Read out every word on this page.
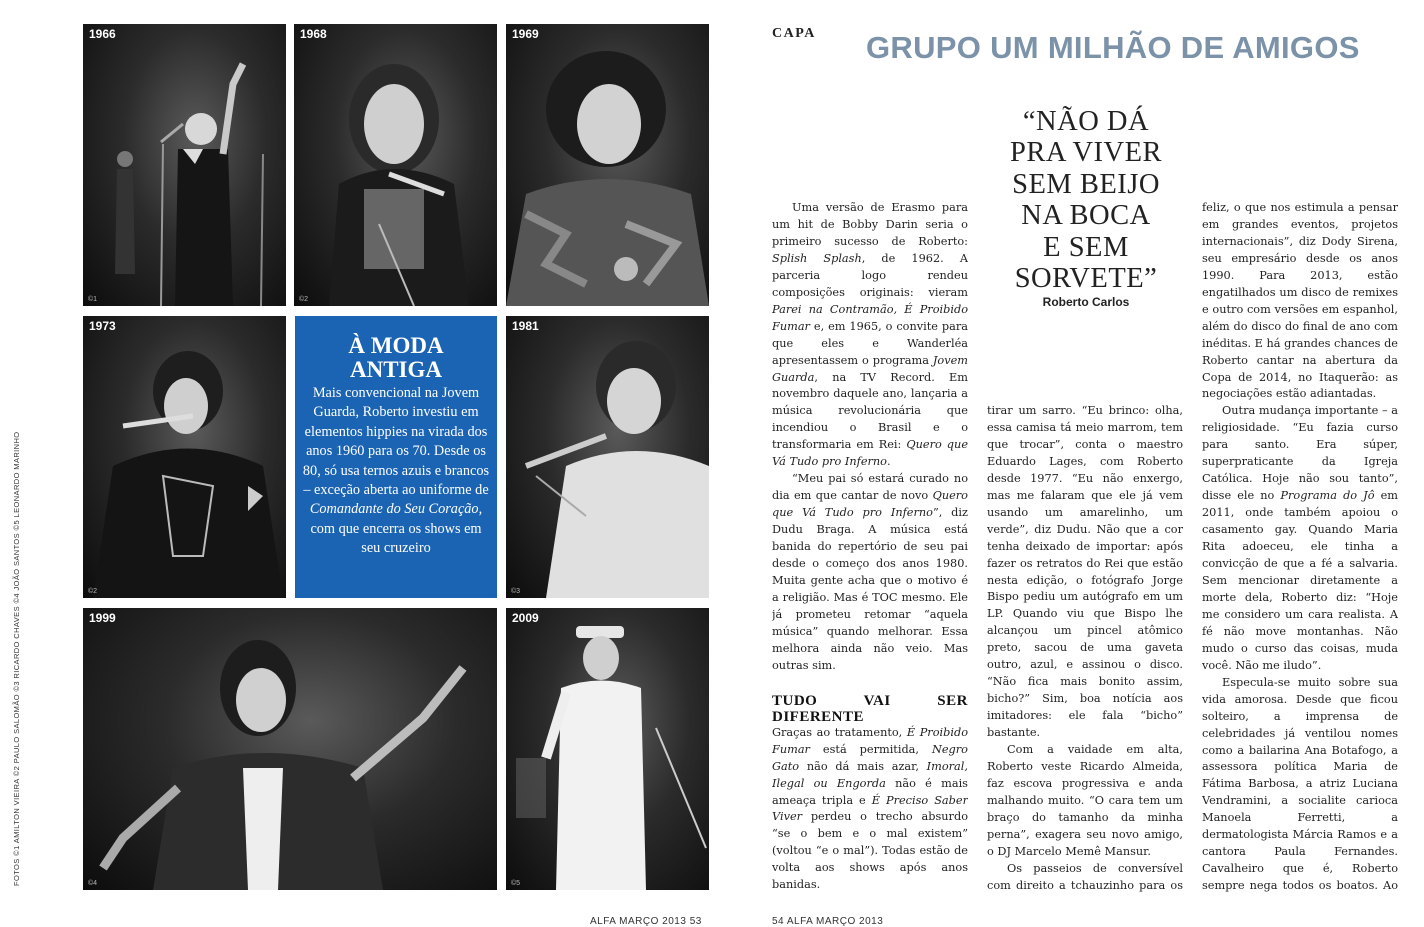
FOTOS ©1 AMILTON VIEIRA ©2 PAULO SALOMÃO ©3 RICARDO CHAVES ©4 JOÃO SANTOS ©5 LEONARDO MARINHO
1966
©1
1968
©2
1969
1973
©2
À MODA
ANTIGA

Mais convencional na Jovem Guarda, Roberto investiu em elementos hippies na virada dos anos 1960 para os 70. Desde os 80, só usa ternos azuis e brancos – exceção aberta ao uniforme de Comandante do Seu Coração, com que encerra os shows em seu cruzeiro

1981
©3
1999
©4
2009
©5
ALFA MARÇO 2013 53	54 ALFA MARÇO 2013
CAPA GRUPO UM MILHÃO DE AMIGOS
“NÃO DÁ
PRA VIVER
SEM BEIJO
NA BOCA
E SEM
SORVETE”
Roberto Carlos

Uma versão de Erasmo para um hit de Bobby Darin seria o primeiro sucesso de Roberto: Splish Splash, de 1962. A parceria logo rendeu composições originais: vieram Parei na Contramão, É Proibido Fumar e, em 1965, o convite para que eles e Wanderléa apresentassem o programa Jovem Guarda, na TV Record. Em novembro daquele ano, lançaria a música revolucionária que incendiou o Brasil e o transformaria em Rei: Quero que Vá Tudo pro Inferno.

“Meu pai só estará curado no dia em que cantar de novo Quero que Vá Tudo pro Inferno”, diz Dudu Braga. A música está banida do repertório de seu pai desde o começo dos anos 1980. Muita gente acha que o motivo é a religião. Mas é TOC mesmo. Ele já prometeu retomar “aquela música” quando melhorar. Essa melhora ainda não veio. Mas outras sim.

TUDO VAI SER DIFERENTE

Graças ao tratamento, É Proibido Fumar está permitida, Negro Gato não dá mais azar, Imoral, Ilegal ou Engorda não é mais ameaça tripla e É Preciso Saber Viver perdeu o trecho absurdo “se o bem e o mal existem” (voltou “e o mal”). Todas estão de volta aos shows após anos banidas.

tirar um sarro. “Eu brinco: olha, essa camisa tá meio marrom, tem que trocar”, conta o maestro Eduardo Lages, com Roberto desde 1977. “Eu não enxergo, mas me falaram que ele já vem usando um amarelinho, um verde”, diz Dudu. Não que a cor tenha deixado de importar: após fazer os retratos do Rei que estão nesta edição, o fotógrafo Jorge Bispo pediu um autógrafo em um LP. Quando viu que Bispo lhe alcançou um pincel atômico preto, sacou de uma gaveta outro, azul, e assinou o disco. “Não fica mais bonito assim, bicho?” Sim, boa notícia aos imitadores: ele fala “bicho” bastante.

Com a vaidade em alta, Roberto veste Ricardo Almeida, faz escova progressiva e anda malhando muito. “O cara tem um braço do tamanho da minha perna”, exagera seu novo amigo, o DJ Marcelo Memê Mansur.

Os passeios de conversível com direito a tchauzinho para os

feliz, o que nos estimula a pensar em grandes eventos, projetos internacionais”, diz Dody Sirena, seu empresário desde os anos 1990. Para 2013, estão engatilhados um disco de remixes e outro com versões em espanhol, além do disco do final de ano com inéditas. E há grandes chances de Roberto cantar na abertura da Copa de 2014, no Itaquerão: as negociações estão adiantadas.

Outra mudança importante – a religiosidade. “Eu fazia curso para santo. Era súper, superpraticante da Igreja Católica. Hoje não sou tanto”, disse ele no Programa do Jô em 2011, onde também apoiou o casamento gay. Quando Maria Rita adoeceu, ele tinha a convicção de que a fé a salvaria. Sem mencionar diretamente a morte dela, Roberto diz: “Hoje me considero um cara realista. A fé não move montanhas. Não mudo o curso das coisas, muda você. Não me iludo”.

Especula-se muito sobre sua vida amorosa. Desde que ficou solteiro, a imprensa de celebridades já ventilou nomes como a bailarina Ana Botafogo, a assessora política Maria de Fátima Barbosa, a atriz Luciana Vendramini, a socialite carioca Manoela Ferretti, a dermatologista Márcia Ramos e a cantora Paula Fernandes. Cavalheiro que é, Roberto sempre nega todos os boatos. Ao
